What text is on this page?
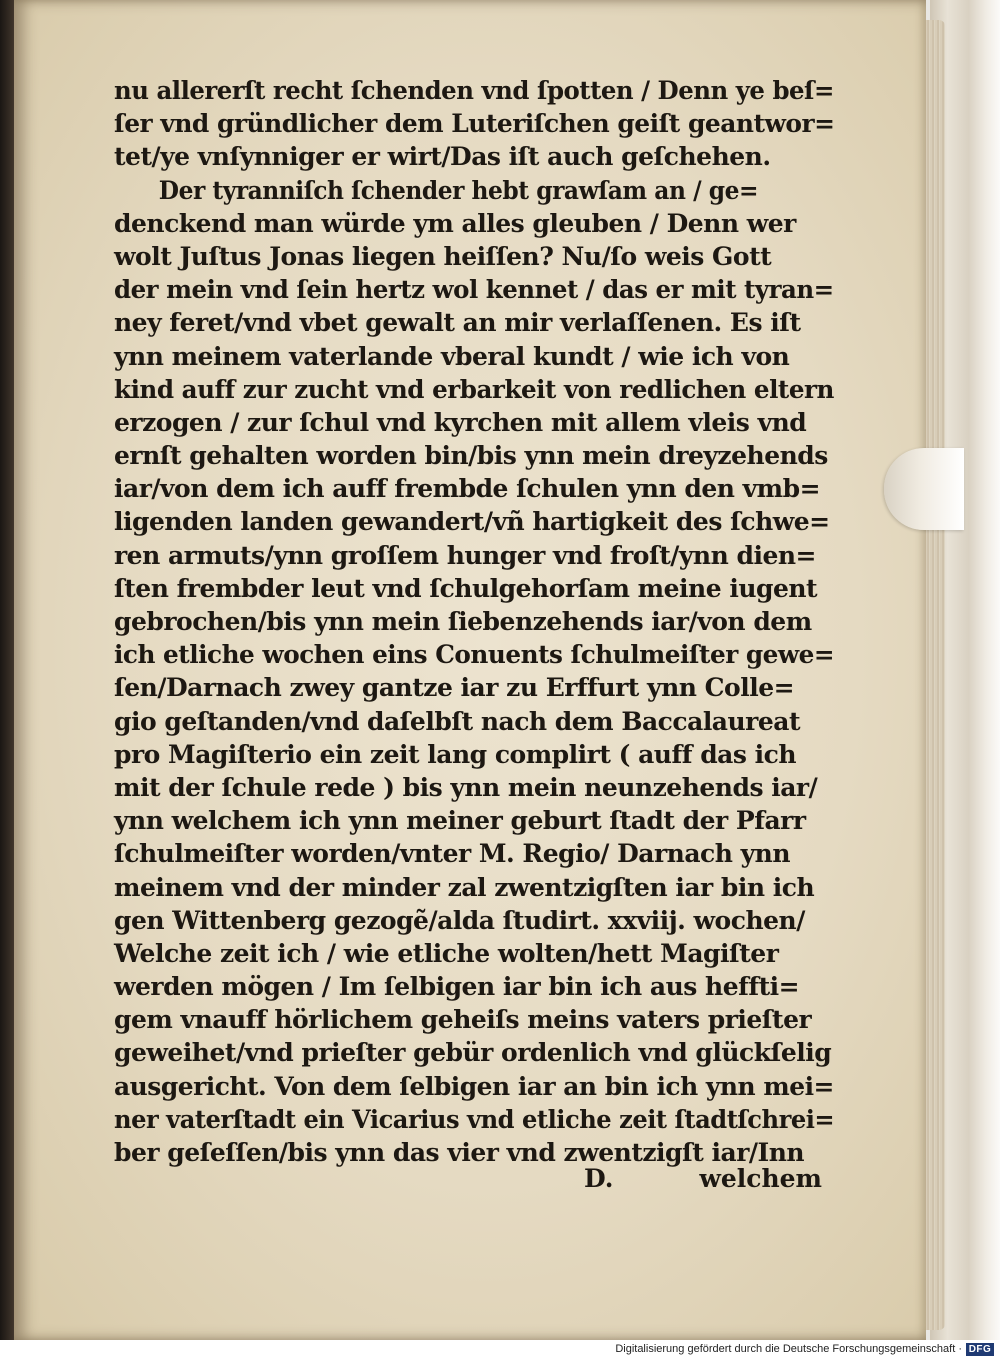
nu allererſt recht ſchenden vnd ſpotten / Denn ye beſ=
ſer vnd gründlicher dem Luteriſchen geiſt geantwor=
tet/ye vnſynniger er wirt/Das iſt auch geſchehen.
Der tyranniſch ſchender hebt grawſam an / ge=
denckend man würde ym alles gleuben / Denn wer
wolt Juſtus Jonas liegen heiſſen? Nu/ſo weis Gott
der mein vnd ſein hertz wol kennet / das er mit tyran=
ney feret/vnd vbet gewalt an mir verlaſſenen. Es iſt
ynn meinem vaterlande vberal kundt / wie ich von
kind auff zur zucht vnd erbarkeit von redlichen eltern
erzogen / zur ſchul vnd kyrchen mit allem vleis vnd
ernſt gehalten worden bin/bis ynn mein dreyzehends
iar/von dem ich auff frembde ſchulen ynn den vmb=
ligenden landen gewandert/vñ hartigkeit des ſchwe=
ren armuts/ynn groſſem hunger vnd froſt/ynn dien=
ſten frembder leut vnd ſchulgehorſam meine iugent
gebrochen/bis ynn mein ſiebenzehends iar/von dem
ich etliche wochen eins Conuents ſchulmeiſter gewe=
ſen/Darnach zwey gantze iar zu Erffurt ynn Colle=
gio geſtanden/vnd daſelbſt nach dem Baccalaureat
pro Magiſterio ein zeit lang complirt ( auff das ich
mit der ſchule rede ) bis ynn mein neunzehends iar/
ynn welchem ich ynn meiner geburt ſtadt der Pfarr
ſchulmeiſter worden/vnter M. Regio/ Darnach ynn
meinem vnd der minder zal zwentzigſten iar bin ich
gen Wittenberg gezogẽ/alda ſtudirt. xxviij. wochen/
Welche zeit ich / wie etliche wolten/hett Magiſter
werden mögen / Im ſelbigen iar bin ich aus heffti=
gem vnauff hörlichem geheiſs meins vaters prieſter
geweihet/vnd prieſter gebür ordenlich vnd glückſelig
ausgericht. Von dem ſelbigen iar an bin ich ynn mei=
ner vaterſtadt ein Vicarius vnd etliche zeit ſtadtſchrei=
ber geſeſſen/bis ynn das vier vnd zwentzigſt iar/Inn
D.	welchem
Digitalisierung gefördert durch die Deutsche Forschungsgemeinschaft · DFG
